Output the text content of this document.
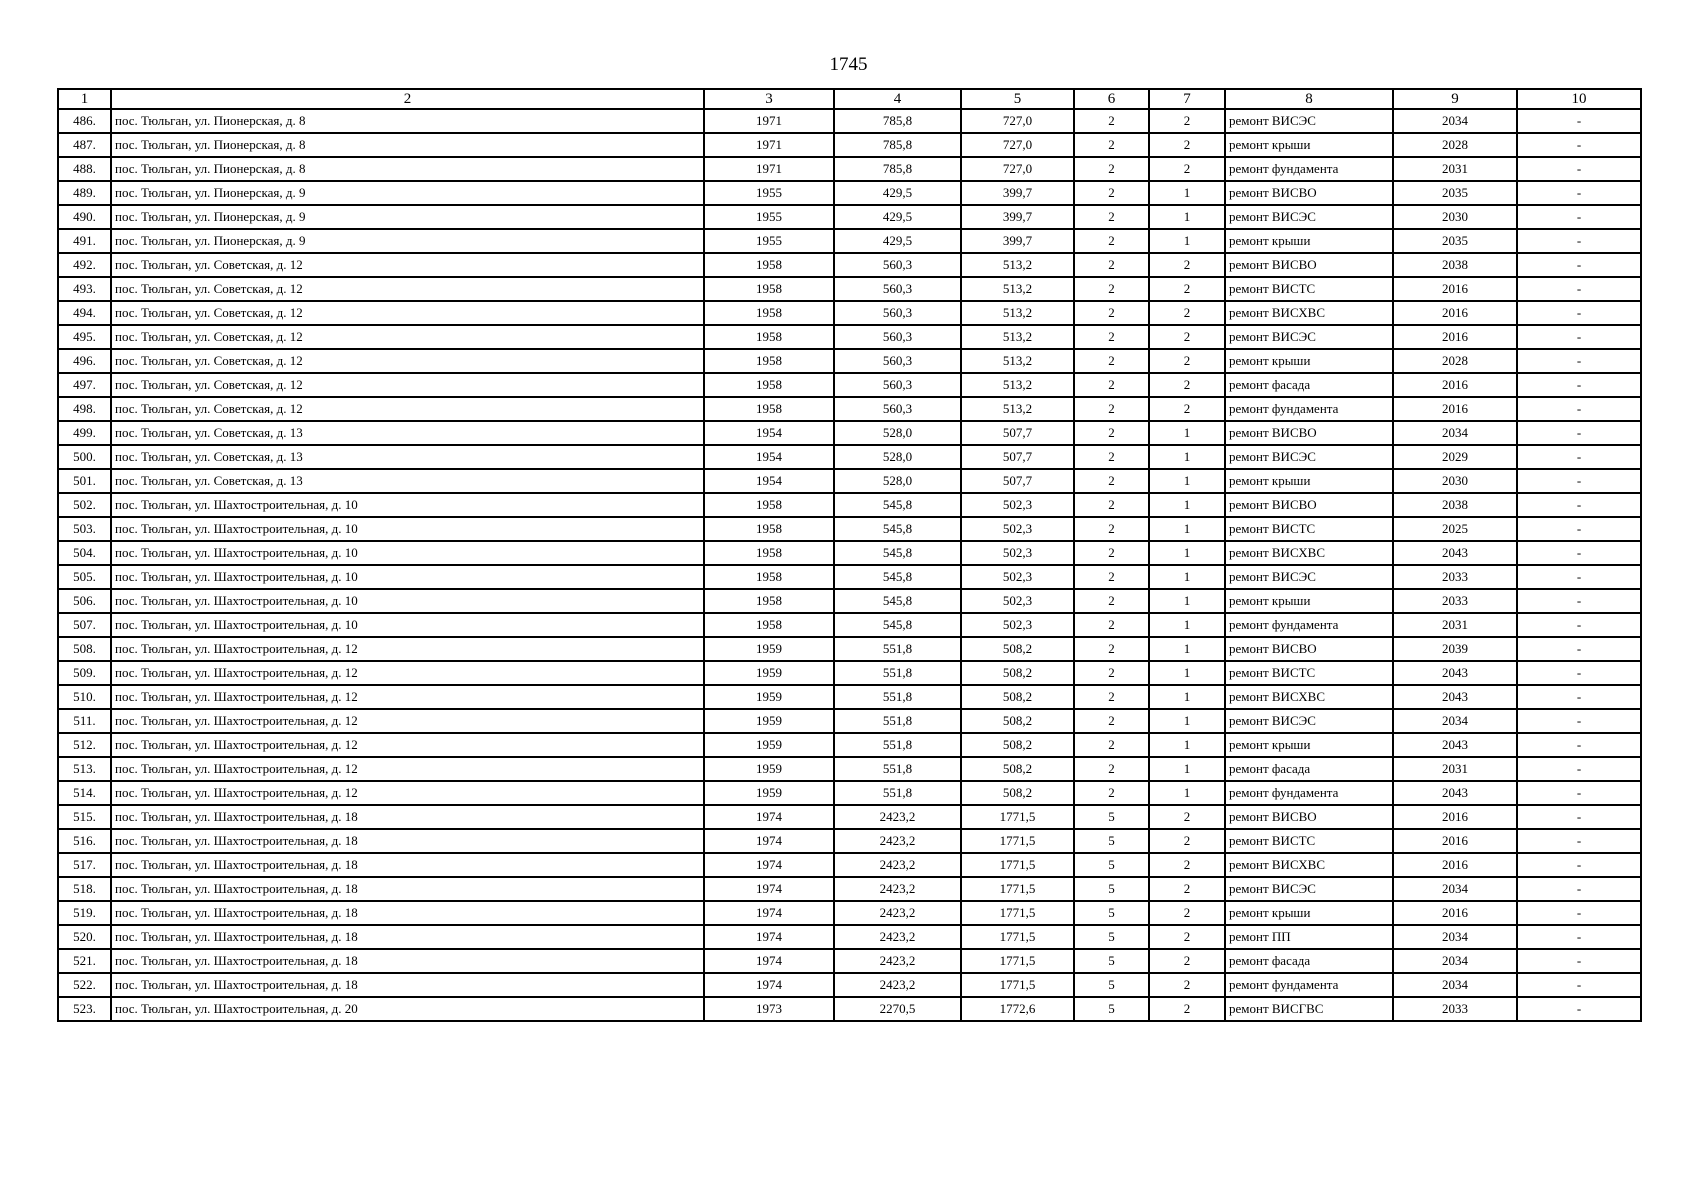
1745
1	2	3	4	5	6	7	8	9	10
486.	пос. Тюльган, ул. Пионерская, д. 8	1971	785,8	727,0	2	2	ремонт ВИСЭС	2034	-
487.	пос. Тюльган, ул. Пионерская, д. 8	1971	785,8	727,0	2	2	ремонт крыши	2028	-
488.	пос. Тюльган, ул. Пионерская, д. 8	1971	785,8	727,0	2	2	ремонт фундамента	2031	-
489.	пос. Тюльган, ул. Пионерская, д. 9	1955	429,5	399,7	2	1	ремонт ВИСВО	2035	-
490.	пос. Тюльган, ул. Пионерская, д. 9	1955	429,5	399,7	2	1	ремонт ВИСЭС	2030	-
491.	пос. Тюльган, ул. Пионерская, д. 9	1955	429,5	399,7	2	1	ремонт крыши	2035	-
492.	пос. Тюльган, ул. Советская, д. 12	1958	560,3	513,2	2	2	ремонт ВИСВО	2038	-
493.	пос. Тюльган, ул. Советская, д. 12	1958	560,3	513,2	2	2	ремонт ВИСТС	2016	-
494.	пос. Тюльган, ул. Советская, д. 12	1958	560,3	513,2	2	2	ремонт ВИСХВС	2016	-
495.	пос. Тюльган, ул. Советская, д. 12	1958	560,3	513,2	2	2	ремонт ВИСЭС	2016	-
496.	пос. Тюльган, ул. Советская, д. 12	1958	560,3	513,2	2	2	ремонт крыши	2028	-
497.	пос. Тюльган, ул. Советская, д. 12	1958	560,3	513,2	2	2	ремонт фасада	2016	-
498.	пос. Тюльган, ул. Советская, д. 12	1958	560,3	513,2	2	2	ремонт фундамента	2016	-
499.	пос. Тюльган, ул. Советская, д. 13	1954	528,0	507,7	2	1	ремонт ВИСВО	2034	-
500.	пос. Тюльган, ул. Советская, д. 13	1954	528,0	507,7	2	1	ремонт ВИСЭС	2029	-
501.	пос. Тюльган, ул. Советская, д. 13	1954	528,0	507,7	2	1	ремонт крыши	2030	-
502.	пос. Тюльган, ул. Шахтостроительная, д. 10	1958	545,8	502,3	2	1	ремонт ВИСВО	2038	-
503.	пос. Тюльган, ул. Шахтостроительная, д. 10	1958	545,8	502,3	2	1	ремонт ВИСТС	2025	-
504.	пос. Тюльган, ул. Шахтостроительная, д. 10	1958	545,8	502,3	2	1	ремонт ВИСХВС	2043	-
505.	пос. Тюльган, ул. Шахтостроительная, д. 10	1958	545,8	502,3	2	1	ремонт ВИСЭС	2033	-
506.	пос. Тюльган, ул. Шахтостроительная, д. 10	1958	545,8	502,3	2	1	ремонт крыши	2033	-
507.	пос. Тюльган, ул. Шахтостроительная, д. 10	1958	545,8	502,3	2	1	ремонт фундамента	2031	-
508.	пос. Тюльган, ул. Шахтостроительная, д. 12	1959	551,8	508,2	2	1	ремонт ВИСВО	2039	-
509.	пос. Тюльган, ул. Шахтостроительная, д. 12	1959	551,8	508,2	2	1	ремонт ВИСТС	2043	-
510.	пос. Тюльган, ул. Шахтостроительная, д. 12	1959	551,8	508,2	2	1	ремонт ВИСХВС	2043	-
511.	пос. Тюльган, ул. Шахтостроительная, д. 12	1959	551,8	508,2	2	1	ремонт ВИСЭС	2034	-
512.	пос. Тюльган, ул. Шахтостроительная, д. 12	1959	551,8	508,2	2	1	ремонт крыши	2043	-
513.	пос. Тюльган, ул. Шахтостроительная, д. 12	1959	551,8	508,2	2	1	ремонт фасада	2031	-
514.	пос. Тюльган, ул. Шахтостроительная, д. 12	1959	551,8	508,2	2	1	ремонт фундамента	2043	-
515.	пос. Тюльган, ул. Шахтостроительная, д. 18	1974	2423,2	1771,5	5	2	ремонт ВИСВО	2016	-
516.	пос. Тюльган, ул. Шахтостроительная, д. 18	1974	2423,2	1771,5	5	2	ремонт ВИСТС	2016	-
517.	пос. Тюльган, ул. Шахтостроительная, д. 18	1974	2423,2	1771,5	5	2	ремонт ВИСХВС	2016	-
518.	пос. Тюльган, ул. Шахтостроительная, д. 18	1974	2423,2	1771,5	5	2	ремонт ВИСЭС	2034	-
519.	пос. Тюльган, ул. Шахтостроительная, д. 18	1974	2423,2	1771,5	5	2	ремонт крыши	2016	-
520.	пос. Тюльган, ул. Шахтостроительная, д. 18	1974	2423,2	1771,5	5	2	ремонт ПП	2034	-
521.	пос. Тюльган, ул. Шахтостроительная, д. 18	1974	2423,2	1771,5	5	2	ремонт фасада	2034	-
522.	пос. Тюльган, ул. Шахтостроительная, д. 18	1974	2423,2	1771,5	5	2	ремонт фундамента	2034	-
523.	пос. Тюльган, ул. Шахтостроительная, д. 20	1973	2270,5	1772,6	5	2	ремонт ВИСГВС	2033	-
